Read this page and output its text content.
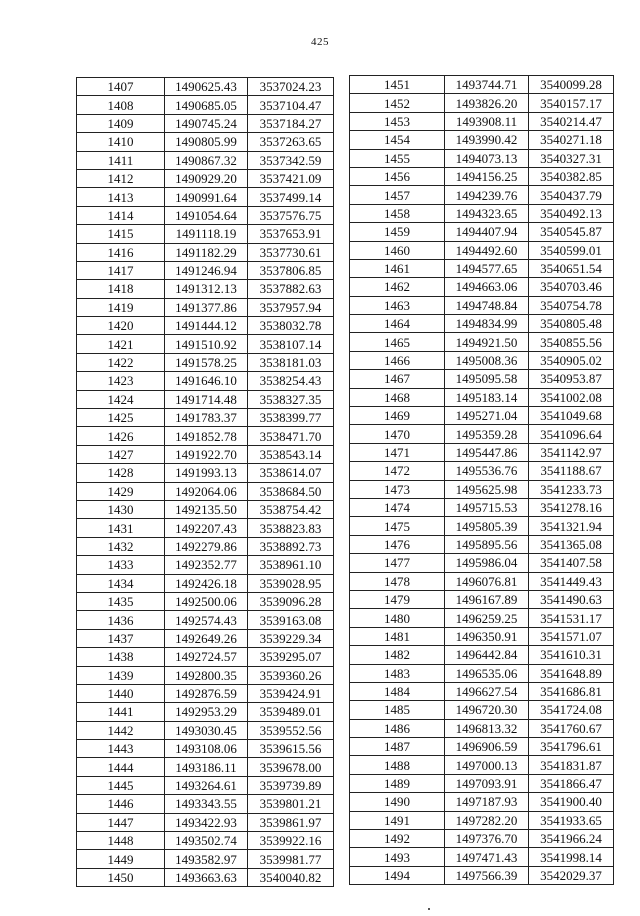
425
1407	1490625.43	3537024.23
1408	1490685.05	3537104.47
1409	1490745.24	3537184.27
1410	1490805.99	3537263.65
1411	1490867.32	3537342.59
1412	1490929.20	3537421.09
1413	1490991.64	3537499.14
1414	1491054.64	3537576.75
1415	1491118.19	3537653.91
1416	1491182.29	3537730.61
1417	1491246.94	3537806.85
1418	1491312.13	3537882.63
1419	1491377.86	3537957.94
1420	1491444.12	3538032.78
1421	1491510.92	3538107.14
1422	1491578.25	3538181.03
1423	1491646.10	3538254.43
1424	1491714.48	3538327.35
1425	1491783.37	3538399.77
1426	1491852.78	3538471.70
1427	1491922.70	3538543.14
1428	1491993.13	3538614.07
1429	1492064.06	3538684.50
1430	1492135.50	3538754.42
1431	1492207.43	3538823.83
1432	1492279.86	3538892.73
1433	1492352.77	3538961.10
1434	1492426.18	3539028.95
1435	1492500.06	3539096.28
1436	1492574.43	3539163.08
1437	1492649.26	3539229.34
1438	1492724.57	3539295.07
1439	1492800.35	3539360.26
1440	1492876.59	3539424.91
1441	1492953.29	3539489.01
1442	1493030.45	3539552.56
1443	1493108.06	3539615.56
1444	1493186.11	3539678.00
1445	1493264.61	3539739.89
1446	1493343.55	3539801.21
1447	1493422.93	3539861.97
1448	1493502.74	3539922.16
1449	1493582.97	3539981.77
1450	1493663.63	3540040.82
1451	1493744.71	3540099.28
1452	1493826.20	3540157.17
1453	1493908.11	3540214.47
1454	1493990.42	3540271.18
1455	1494073.13	3540327.31
1456	1494156.25	3540382.85
1457	1494239.76	3540437.79
1458	1494323.65	3540492.13
1459	1494407.94	3540545.87
1460	1494492.60	3540599.01
1461	1494577.65	3540651.54
1462	1494663.06	3540703.46
1463	1494748.84	3540754.78
1464	1494834.99	3540805.48
1465	1494921.50	3540855.56
1466	1495008.36	3540905.02
1467	1495095.58	3540953.87
1468	1495183.14	3541002.08
1469	1495271.04	3541049.68
1470	1495359.28	3541096.64
1471	1495447.86	3541142.97
1472	1495536.76	3541188.67
1473	1495625.98	3541233.73
1474	1495715.53	3541278.16
1475	1495805.39	3541321.94
1476	1495895.56	3541365.08
1477	1495986.04	3541407.58
1478	1496076.81	3541449.43
1479	1496167.89	3541490.63
1480	1496259.25	3541531.17
1481	1496350.91	3541571.07
1482	1496442.84	3541610.31
1483	1496535.06	3541648.89
1484	1496627.54	3541686.81
1485	1496720.30	3541724.08
1486	1496813.32	3541760.67
1487	1496906.59	3541796.61
1488	1497000.13	3541831.87
1489	1497093.91	3541866.47
1490	1497187.93	3541900.40
1491	1497282.20	3541933.65
1492	1497376.70	3541966.24
1493	1497471.43	3541998.14
1494	1497566.39	3542029.37
